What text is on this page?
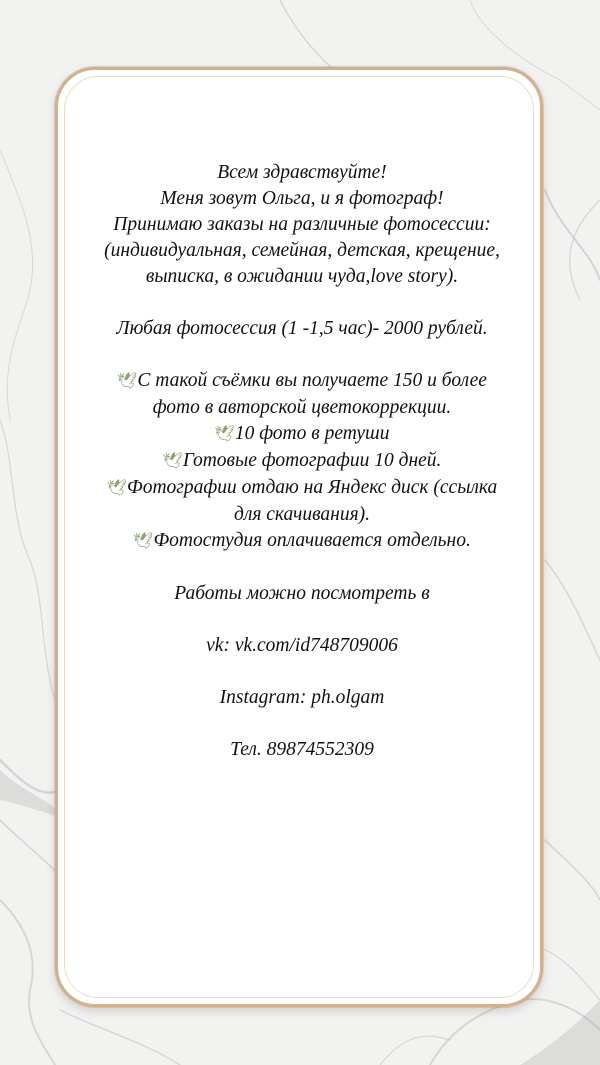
Всем здравствуйте!

Меня зовут Ольга, и я фотограф!

Принимаю заказы на различные фотосессии:

(индивидуальная, семейная, детская, крещение,

выписка, в ожидании чуда,love story).

Любая фотосессия (1 -1,5 час)- 2000 рублей.

🕊С такой съёмки вы получаете 150 и более

фото в авторской цветокоррекции.

🕊10 фото в ретуши

🕊Готовые фотографии 10 дней.

🕊Фотографии отдаю на Яндекс диск (ссылка

для скачивания).

🕊Фотостудия оплачивается отдельно.

Работы можно посмотреть в

vk: vk.com/id748709006

Instagram: ph.olgam

Тел. 89874552309
